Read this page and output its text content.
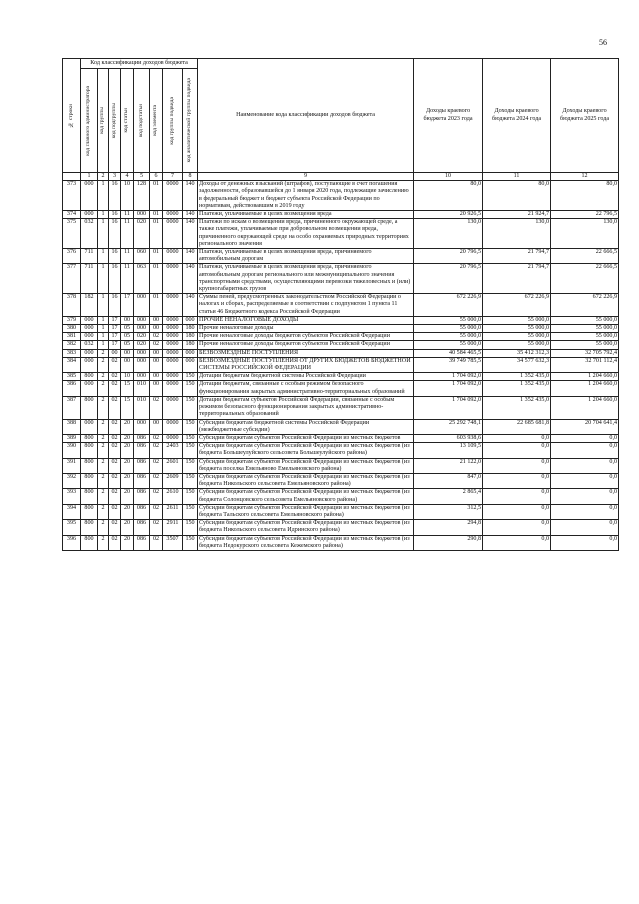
56
№ строки	Код классификации доходов бюджета								Наименование кода классификации доходов бюджета	Доходы краевого бюджета 2023 года	Доходы краевого бюджета 2024 года	Доходы краевого бюджета 2025 года

	код главного администратора	код группы	код подгруппы	код статьи	код подстатьи	код элемента	код группы подвида	код аналитической группы подвида				

	1	2	3	4	5	6	7	8	9	10	11	12
373	000	1	16	10	128	01	0000	140	Доходы от денежных взысканий (штрафов), поступающие в счет погашения задолженности, образовавшейся до 1 января 2020 года, подлежащие зачислению в федеральный бюджет и бюджет субъекта Российской Федерации по нормативам, действовавшим в 2019 году	80,0	80,0	80,0
374	000	1	16	11	000	01	0000	140	Платежи, уплачиваемые в целях возмещения вреда	20 926,5	21 924,7	22 796,5
375	032	1	16	11	020	01	0000	140	Платежи по искам о возмещении вреда, причиненного окружающей среде, а также платежи, уплачиваемые при добровольном возмещении вреда, причиненного окружающей среде на особо охраняемых природных территориях регионального значения	130,0	130,0	130,0
376	711	1	16	11	060	01	0000	140	Платежи, уплачиваемые в целях возмещения вреда, причиняемого автомобильным дорогам	20 796,5	21 794,7	22 666,5
377	711	1	16	11	063	01	0000	140	Платежи, уплачиваемые в целях возмещения вреда, причиняемого автомобильным дорогам регионального или межмуниципального значения транспортными средствами, осуществляющими перевозки тяжеловесных и (или) крупногабаритных грузов	20 796,5	21 794,7	22 666,5
378	182	1	16	17	000	01	0000	140	Суммы пеней, предусмотренных законодательством Российской Федерации о налогах и сборах, распределяемые в соответствии с подпунктом 1 пункта 11 статьи 46 Бюджетного кодекса Российской Федерации	672 226,9	672 226,9	672 226,9
379	000	1	17	00	000	00	0000	000	ПРОЧИЕ НЕНАЛОГОВЫЕ ДОХОДЫ	55 000,0	55 000,0	55 000,0
380	000	1	17	05	000	00	0000	180	Прочие неналоговые доходы	55 000,0	55 000,0	55 000,0
381	000	1	17	05	020	02	0000	180	Прочие неналоговые доходы бюджетов субъектов Российской Федерации	55 000,0	55 000,0	55 000,0
382	032	1	17	05	020	02	0000	180	Прочие неналоговые доходы бюджетов субъектов Российской Федерации	55 000,0	55 000,0	55 000,0
383	000	2	00	00	000	00	0000	000	БЕЗВОЗМЕЗДНЫЕ ПОСТУПЛЕНИЯ	40 584 465,5	35 412 312,3	32 705 792,4
384	000	2	02	00	000	00	0000	000	БЕЗВОЗМЕЗДНЫЕ ПОСТУПЛЕНИЯ ОТ ДРУГИХ БЮДЖЕТОВ БЮДЖЕТНОЙ СИСТЕМЫ РОССИЙСКОЙ ФЕДЕРАЦИИ	39 749 785,5	34 577 632,3	32 701 112,4
385	800	2	02	10	000	00	0000	150	Дотации бюджетам бюджетной системы Российской Федерации	1 704 092,0	1 352 435,0	1 204 660,0
386	000	2	02	15	010	00	0000	150	Дотации бюджетам, связанные с особым режимом безопасного функционирования закрытых административно-территориальных образований	1 704 092,0	1 352 435,0	1 204 660,0
387	800	2	02	15	010	02	0000	150	Дотации бюджетам субъектов Российской Федерации, связанные с особым режимом безопасного функционирования закрытых административно-территориальных образований	1 704 092,0	1 352 435,0	1 204 660,0
388	000	2	02	20	000	00	0000	150	Субсидии бюджетам бюджетной системы Российской Федерации (межбюджетные субсидии)	25 292 748,1	22 685 681,8	20 704 641,4
389	800	2	02	20	086	02	0000	150	Субсидии бюджетам субъектов Российской Федерации из местных бюджетов	603 938,6	0,0	0,0
390	800	2	02	20	086	02	2403	150	Субсидии бюджетам субъектов Российской Федерации из местных бюджетов (из бюджета Большеулуйского сельсовета Большеулуйского района)	13 109,5	0,0	0,0
391	800	2	02	20	086	02	2601	150	Субсидии бюджетам субъектов Российской Федерации из местных бюджетов (из бюджета поселка Емельяново Емельяновского района)	21 122,0	0,0	0,0
392	800	2	02	20	086	02	2609	150	Субсидии бюджетам субъектов Российской Федерации из местных бюджетов (из бюджета Никольского сельсовета Емельяновского района)	847,0	0,0	0,0
393	800	2	02	20	086	02	2610	150	Субсидии бюджетам субъектов Российской Федерации из местных бюджетов (из бюджета Солонцовского сельсовета Емельяновского района)	2 865,4	0,0	0,0
394	800	2	02	20	086	02	2611	150	Субсидии бюджетам субъектов Российской Федерации из местных бюджетов (из бюджета Тальского сельсовета Емельяновского района)	312,5	0,0	0,0
395	800	2	02	20	086	02	2911	150	Субсидии бюджетам субъектов Российской Федерации из местных бюджетов (из бюджета Никольского сельсовета Идринского района)	294,8	0,0	0,0
396	800	2	02	20	086	02	3507	150	Субсидии бюджетам субъектов Российской Федерации из местных бюджетов (из бюджета Недокурского сельсовета Кежемского района)	290,8	0,0	0,0
